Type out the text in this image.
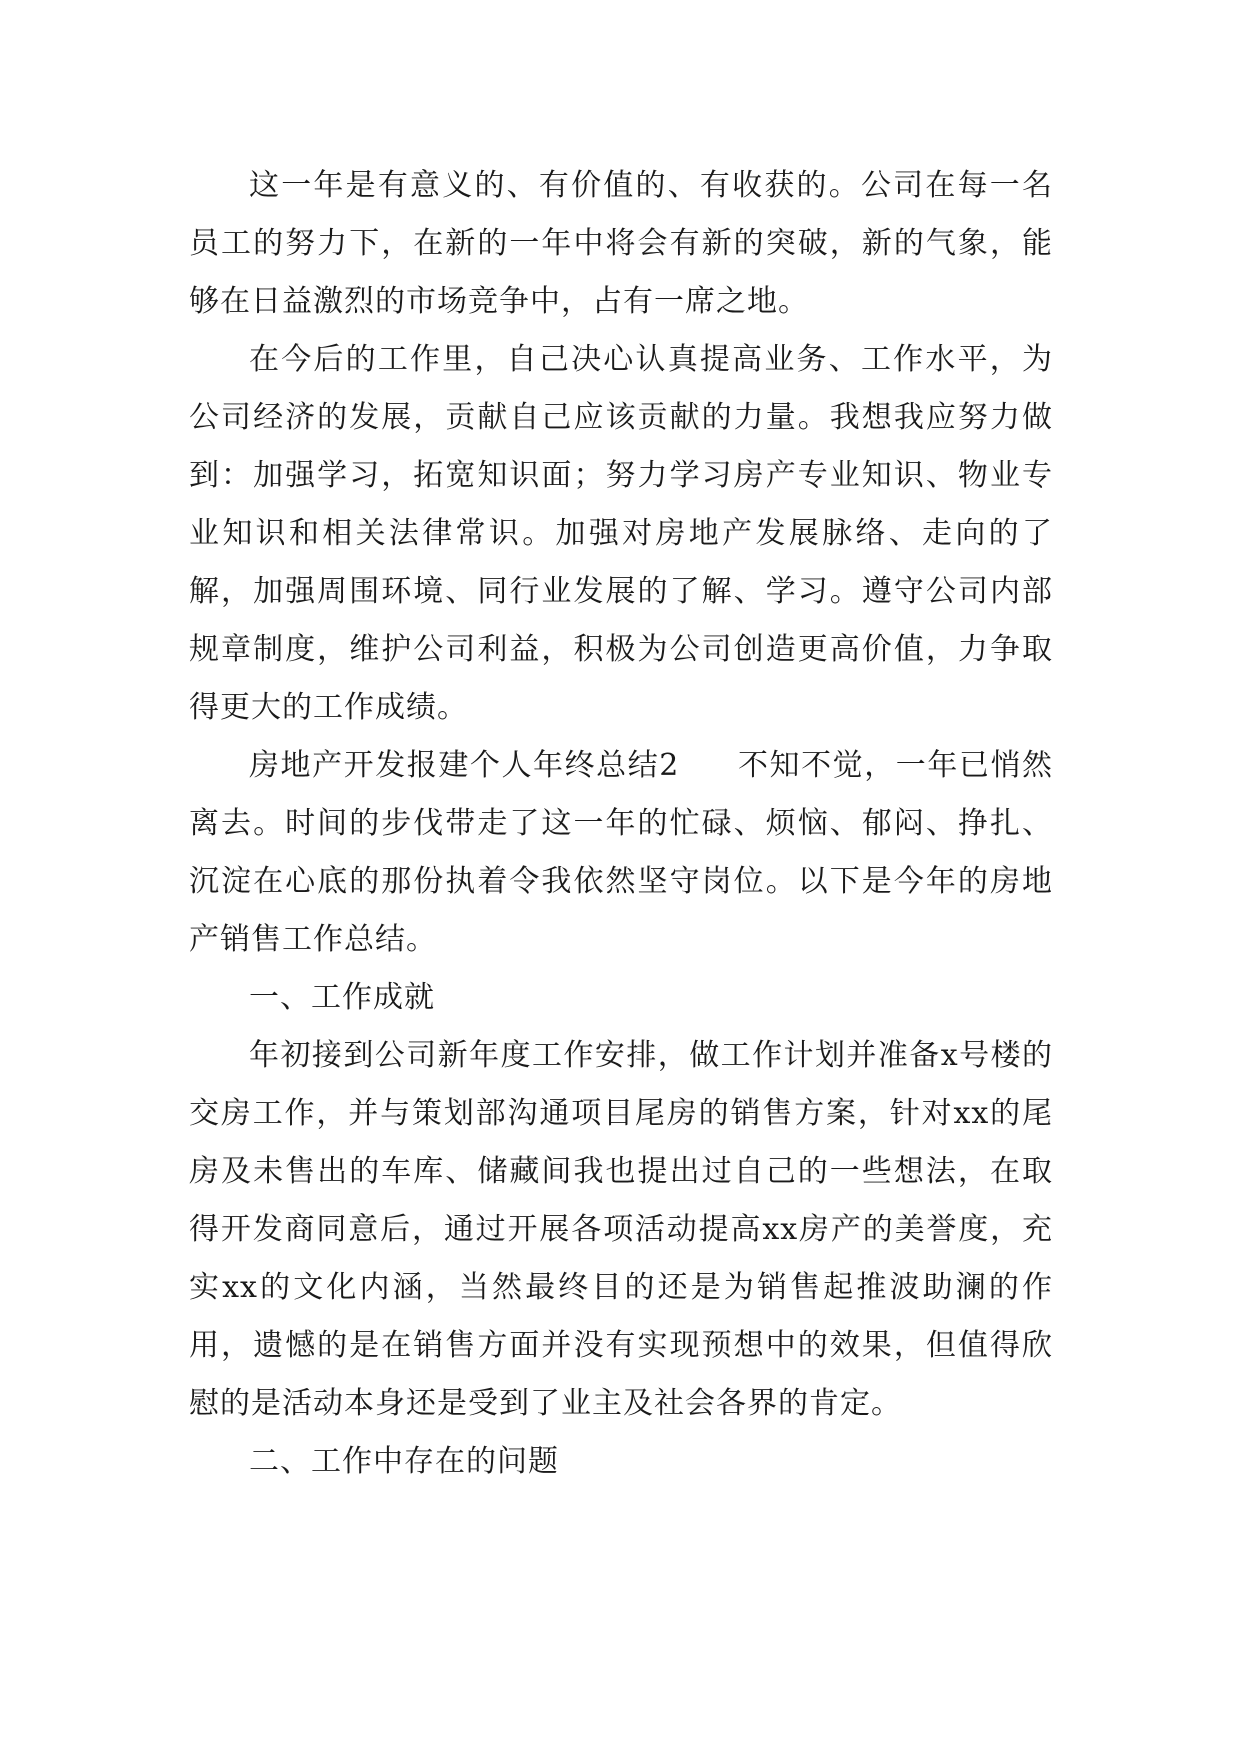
这一年是有意义的、有价值的、有收获的。公司在每一名员工的努力下，在新的一年中将会有新的突破，新的气象，能够在日益激烈的市场竞争中，占有一席之地。

在今后的工作里，自己决心认真提高业务、工作水平，为公司经济的发展，贡献自己应该贡献的力量。我想我应努力做到：加强学习，拓宽知识面；努力学习房产专业知识、物业专业知识和相关法律常识。加强对房地产发展脉络、走向的了解，加强周围环境、同行业发展的了解、学习。遵守公司内部规章制度，维护公司利益，积极为公司创造更高价值，力争取得更大的工作成绩。

房地产开发报建个人年终总结2 不知不觉，一年已悄然离去。时间的步伐带走了这一年的忙碌、烦恼、郁闷、挣扎、沉淀在心底的那份执着令我依然坚守岗位。以下是今年的房地产销售工作总结。

一、工作成就

年初接到公司新年度工作安排，做工作计划并准备x号楼的交房工作，并与策划部沟通项目尾房的销售方案，针对xx的尾房及未售出的车库、储藏间我也提出过自己的一些想法，在取得开发商同意后，通过开展各项活动提高xx房产的美誉度，充实xx的文化内涵，当然最终目的还是为销售起推波助澜的作用，遗憾的是在销售方面并没有实现预想中的效果，但值得欣慰的是活动本身还是受到了业主及社会各界的肯定。

二、工作中存在的问题
